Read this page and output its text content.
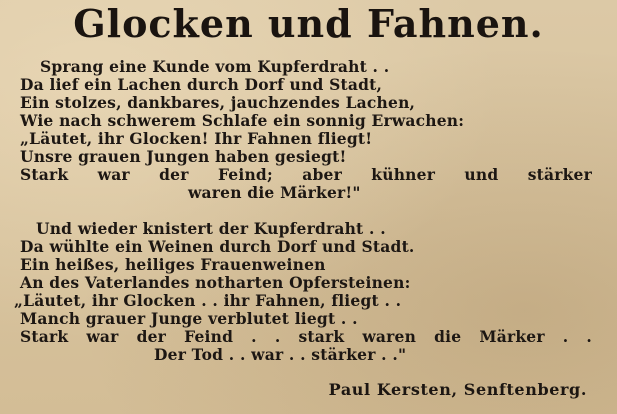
Glocken und Fahnen.
Sprang eine Kunde vom Kupferdraht . .
Da lief ein Lachen durch Dorf und Stadt,
Ein stolzes, dankbares, jauchzendes Lachen,
Wie nach schwerem Schlafe ein sonnig Erwachen:
„Läutet, ihr Glocken! Ihr Fahnen fliegt!
Unsre grauen Jungen haben gesiegt!
Stark war der Feind; aber kühner und stärker
waren die Märker!"
Und wieder knistert der Kupferdraht . .
Da wühlte ein Weinen durch Dorf und Stadt.
Ein heißes, heiliges Frauenweinen
An des Vaterlandes notharten Opfersteinen:
„Läutet, ihr Glocken . . ihr Fahnen, fliegt . .
Manch grauer Junge verblutet liegt . .
Stark war der Feind . . stark waren die Märker . .
Der Tod . . war . . stärker . ."
Paul Kersten, Senftenberg.
